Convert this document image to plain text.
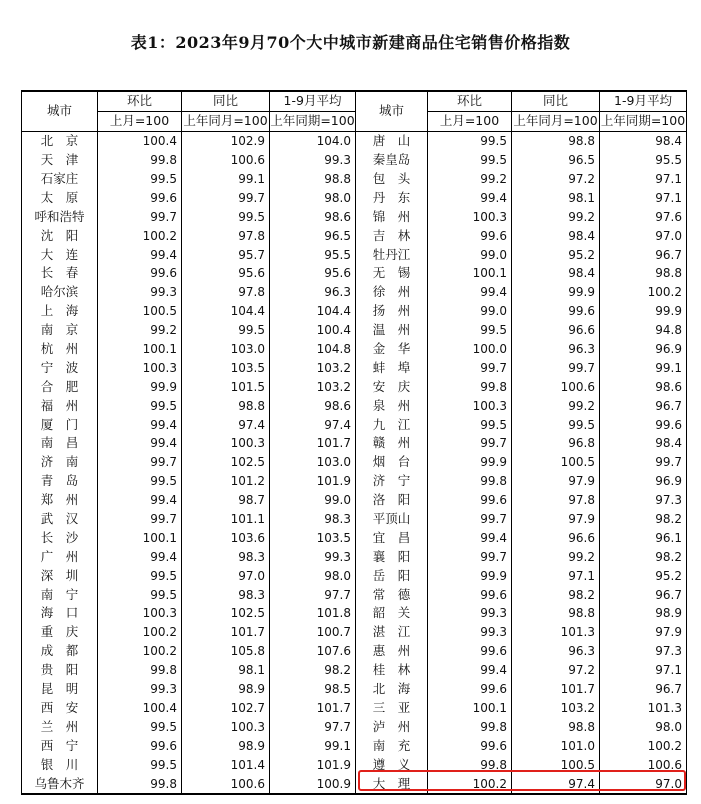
表1：2023年9月70个大中城市新建商品住宅销售价格指数
城市	环比	同比	1-9月平均	城市	环比	同比	1-9月平均
	上月=100	上年同月=100	上年同期=100		上月=100	上年同月=100	上年同期=100
北　京	100.4	102.9	104.0	唐　山	99.5	98.8	98.4
天　津	99.8	100.6	99.3	秦皇岛	99.5	96.5	95.5
石家庄	99.5	99.1	98.8	包　头	99.2	97.2	97.1
太　原	99.6	99.7	98.0	丹　东	99.4	98.1	97.1
呼和浩特	99.7	99.5	98.6	锦　州	100.3	99.2	97.6
沈　阳	100.2	97.8	96.5	吉　林	99.6	98.4	97.0
大　连	99.4	95.7	95.5	牡丹江	99.0	95.2	96.7
长　春	99.6	95.6	95.6	无　锡	100.1	98.4	98.8
哈尔滨	99.3	97.8	96.3	徐　州	99.4	99.9	100.2
上　海	100.5	104.4	104.4	扬　州	99.0	99.6	99.9
南　京	99.2	99.5	100.4	温　州	99.5	96.6	94.8
杭　州	100.1	103.0	104.8	金　华	100.0	96.3	96.9
宁　波	100.3	103.5	103.2	蚌　埠	99.7	99.7	99.1
合　肥	99.9	101.5	103.2	安　庆	99.8	100.6	98.6
福　州	99.5	98.8	98.6	泉　州	100.3	99.2	96.7
厦　门	99.4	97.4	97.4	九　江	99.5	99.5	99.6
南　昌	99.4	100.3	101.7	赣　州	99.7	96.8	98.4
济　南	99.7	102.5	103.0	烟　台	99.9	100.5	99.7
青　岛	99.5	101.2	101.9	济　宁	99.8	97.9	96.9
郑　州	99.4	98.7	99.0	洛　阳	99.6	97.8	97.3
武　汉	99.7	101.1	98.3	平顶山	99.7	97.9	98.2
长　沙	100.1	103.6	103.5	宜　昌	99.4	96.6	96.1
广　州	99.4	98.3	99.3	襄　阳	99.7	99.2	98.2
深　圳	99.5	97.0	98.0	岳　阳	99.9	97.1	95.2
南　宁	99.5	98.3	97.7	常　德	99.6	98.2	96.7
海　口	100.3	102.5	101.8	韶　关	99.3	98.8	98.9
重　庆	100.2	101.7	100.7	湛　江	99.3	101.3	97.9
成　都	100.2	105.8	107.6	惠　州	99.6	96.3	97.3
贵　阳	99.8	98.1	98.2	桂　林	99.4	97.2	97.1
昆　明	99.3	98.9	98.5	北　海	99.6	101.7	96.7
西　安	100.4	102.7	101.7	三　亚	100.1	103.2	101.3
兰　州	99.5	100.3	97.7	泸　州	99.8	98.8	98.0
西　宁	99.6	98.9	99.1	南　充	99.6	101.0	100.2
银　川	99.5	101.4	101.9	遵　义	99.8	100.5	100.6
乌鲁木齐	99.8	100.6	100.9	大　理	100.2	97.4	97.0
